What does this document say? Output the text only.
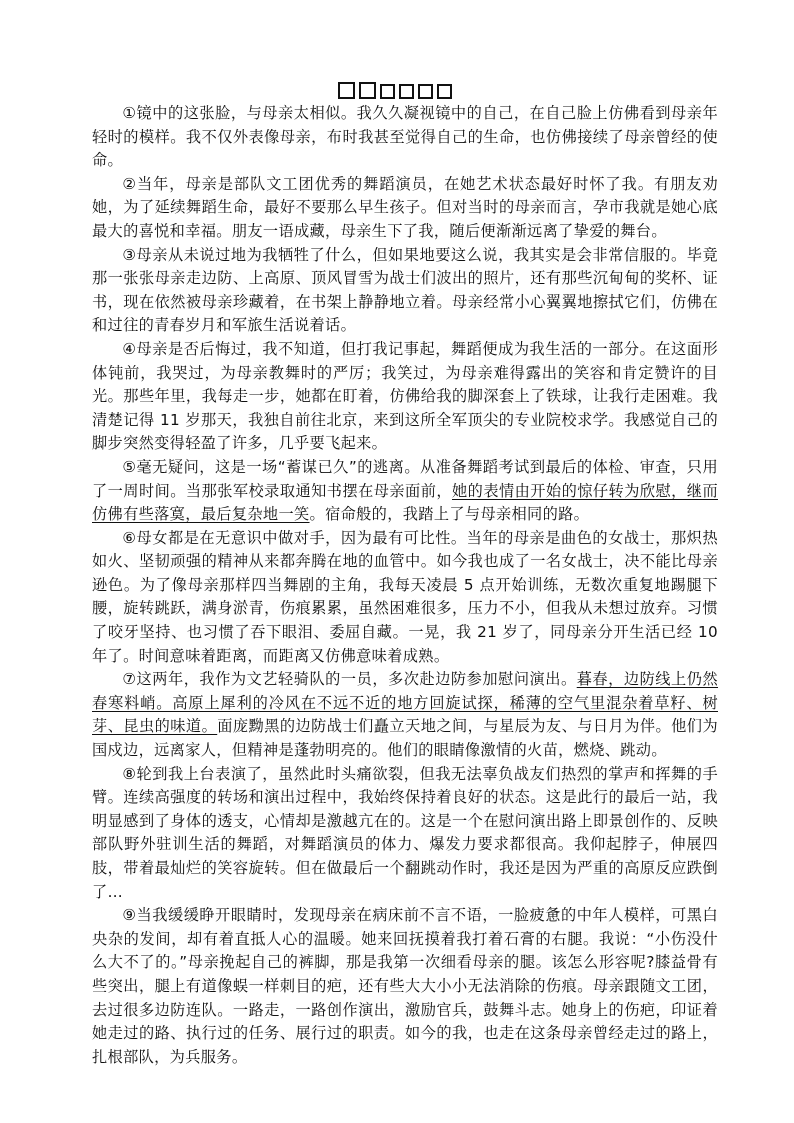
①镜中的这张脸，与母亲太相似。我久久凝视镜中的自己，在自己脸上仿佛看到母亲年轻时的模样。我不仅外表像母亲，布时我甚至觉得自己的生命，也仿佛接续了母亲曾经的使命。

②当年，母亲是部队文工团优秀的舞蹈演员，在她艺术状态最好时怀了我。有朋友劝她，为了延续舞蹈生命，最好不要那么早生孩子。但对当时的母亲而言，孕市我就是她心底最大的喜悦和幸福。朋友一语成藏，母亲生下了我，随后便渐渐远离了挚爱的舞台。

③母亲从未说过地为我牺牲了什么，但如果地要这么说，我其实是会非常信服的。毕竟那一张张母亲走边防、上高原、顶风冒雪为战士们波出的照片，还有那些沉甸甸的奖杯、证书，现在依然被母亲珍藏着，在书架上静静地立着。母亲经常小心翼翼地擦拭它们，仿佛在和过往的青春岁月和军旅生活说着话。

④母亲是否后悔过，我不知道，但打我记事起，舞蹈便成为我生活的一部分。在这面形体钝前，我哭过，为母亲教舞时的严厉；我笑过，为母亲难得露出的笑容和肯定赞许的目光。那些年里，我每走一步，她都在盯着，仿佛给我的脚深套上了铁球，让我行走困难。我清楚记得 11 岁那天，我独自前往北京，来到这所全军顶尖的专业院校求学。我感觉自己的脚步突然变得轻盈了许多，几乎要飞起来。

⑤毫无疑问，这是一场“蓄谋已久”的逃离。从准备舞蹈考试到最后的体检、审查，只用了一周时间。当那张军校录取通知书摆在母亲面前，她的表情由开始的惊仔转为欣慰，继而仿佛有些落寞，最后复杂地一笑。宿命般的，我踏上了与母亲相同的路。

⑥母女都是在无意识中做对手，因为最有可比性。当年的母亲是曲色的女战士，那炽热如火、坚韧顽强的精神从来都奔腾在地的血管中。如今我也成了一名女战士，决不能比母亲逊色。为了像母亲那样四当舞剧的主角，我每天凌晨 5 点开始训练，无数次重复地踢腿下腰，旋转跳跃，满身淤青，伤痕累累，虽然困难很多，压力不小，但我从未想过放弃。习惯了咬牙坚持、也习惯了吞下眼泪、委屈自藏。一晃，我 21 岁了，同母亲分开生活已经 10 年了。时间意味着距离，而距离又仿佛意味着成熟。

⑦这两年，我作为文艺轻骑队的一员，多次赴边防参加慰问演出。暮春，边防线上仍然春寒料峭。高原上犀利的冷风在不远不近的地方回旋试探，稀薄的空气里混杂着草籽、树芽、昆虫的味道。面庞黝黑的边防战士们矗立天地之间，与星辰为友、与日月为伴。他们为国戍边，远离家人，但精神是蓬勃明亮的。他们的眼睛像激情的火苗，燃烧、跳动。

⑧轮到我上台表演了，虽然此时头痛欲裂，但我无法辜负战友们热烈的掌声和挥舞的手臂。连续高强度的转场和演出过程中，我始终保持着良好的状态。这是此行的最后一站，我明显感到了身体的透支，心情却是激越亢在的。这是一个在慰问演出路上即景创作的、反映部队野外驻训生活的舞蹈，对舞蹈演员的体力、爆发力要求都很高。我仰起脖子，伸展四肢，带着最灿烂的笑容旋转。但在做最后一个翻跳动作时，我还是因为严重的高原反应跌倒了…

⑨当我缓缓睁开眼睛时，发现母亲在病床前不言不语，一脸疲惫的中年人模样，可黑白央杂的发间，却有着直抵人心的温暖。她来回抚摸着我打着石膏的右腿。我说：“小伤没什么大不了的。”母亲挽起自己的裤脚，那是我第一次细看母亲的腿。该怎么形容呢?膝益骨有些突出，腿上有道像蜈一样刺目的疤，还有些大大小小无法消除的伤痕。母亲跟随文工团，去过很多边防连队。一路走，一路创作演出，激励官兵，鼓舞斗志。她身上的伤疤，印证着她走过的路、执行过的任务、展行过的职责。如今的我，也走在这条母亲曾经走过的路上，扎根部队，为兵服务。
